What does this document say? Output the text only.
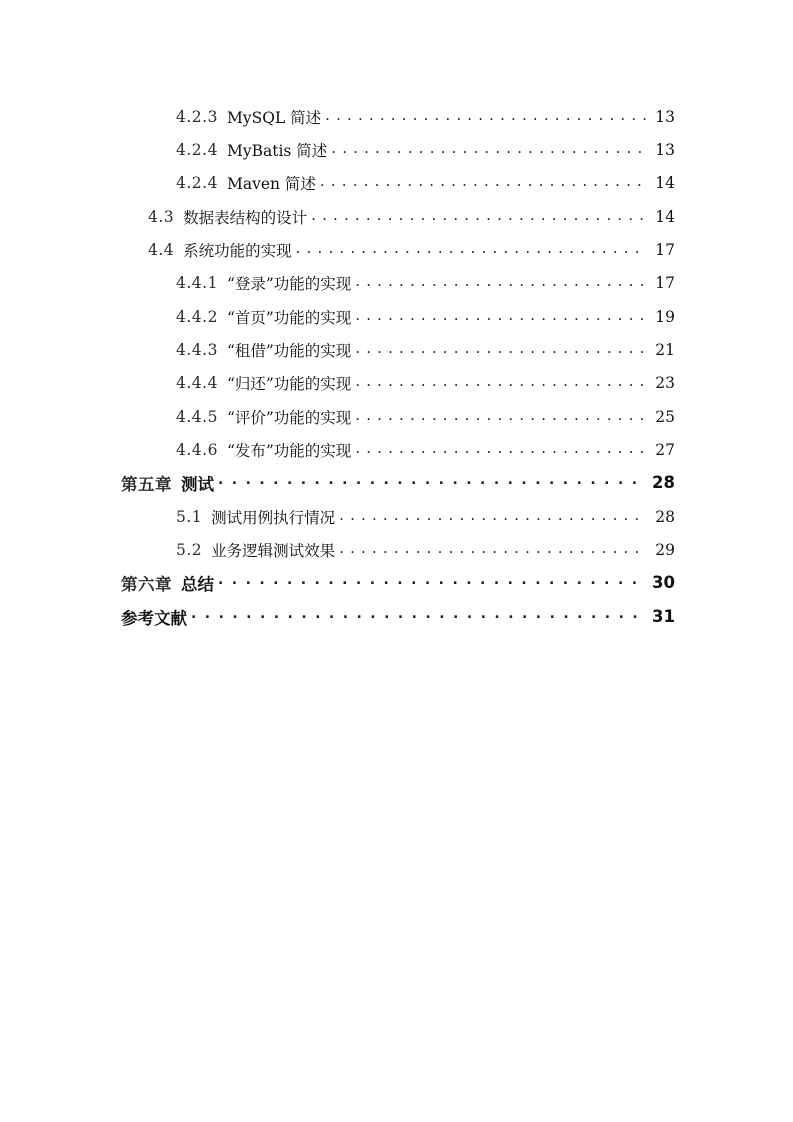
4.2.3 MySQL 简述 . . .	13
4.2.4 MyBatis 简述 . . .	13
4.2.4 Maven 简述 . . .	14
4.3 数据表结构的设计 . . .	14
4.4 系统功能的实现 . . .	17
4.4.1 “登录”功能的实现 . . .	17
4.4.2 “首页”功能的实现 . . .	19
4.4.3 “租借”功能的实现 . . .	21
4.4.4 “归还”功能的实现 . . .	23
4.4.5 “评价”功能的实现 . . .	25
4.4.6 “发布”功能的实现 . . .	27
第五章 测试 . . .	28
5.1 测试用例执行情况 . . .	28
5.2 业务逻辑测试效果 . . .	29
第六章 总结 . . .	30
参考文献 . . .	31
